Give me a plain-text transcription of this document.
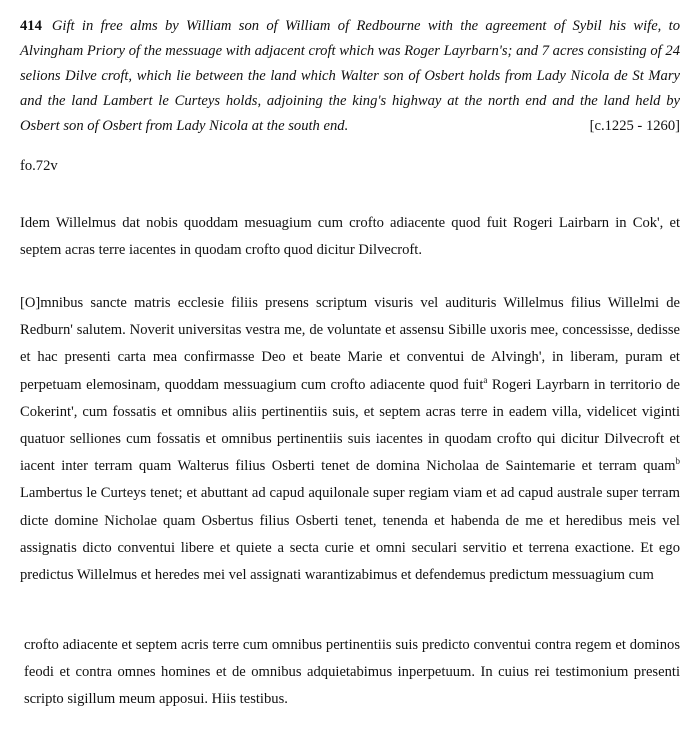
414 Gift in free alms by William son of William of Redbourne with the agreement of Sybil his wife, to Alvingham Priory of the messuage with adjacent croft which was Roger Layrbarn's; and 7 acres consisting of 24 selions Dilve croft, which lie between the land which Walter son of Osbert holds from Lady Nicola de St Mary and the land Lambert le Curteys holds, adjoining the king's highway at the north end and the land held by Osbert son of Osbert from Lady Nicola at the south end.	[c.1225 - 1260]
fo.72v
Idem Willelmus dat nobis quoddam mesuagium cum crofto adiacente quod fuit Rogeri Lairbarn in Cok', et septem acras terre iacentes in quodam crofto quod dicitur Dilvecroft.
[O]mnibus sancte matris ecclesie filiis presens scriptum visuris vel audituris Willelmus filius Willelmi de Redburn' salutem. Noverit universitas vestra me, de voluntate et assensu Sibille uxoris mee, concessisse, dedisse et hac presenti carta mea confirmasse Deo et beate Marie et conventui de Alvingh', in liberam, puram et perpetuam elemosinam, quoddam messuagium cum crofto adiacente quod fuit$^a$ Rogeri Layrbarn in territorio de Cokerint', cum fossatis et omnibus aliis pertinentiis suis, et septem acras terre in eadem villa, videlicet viginti quatuor selliones cum fossatis et omnibus pertinentiis suis iacentes in quodam crofto qui dicitur Dilvecroft et iacent inter terram quam Walterus filius Osberti tenet de domina Nicholaa de Saintemarie et terram quam$^b$ Lambertus le Curteys tenet; et abuttant ad capud aquilonale super regiam viam et ad capud australe super terram dicte domine Nicholae quam Osbertus filius Osberti tenet, tenenda et habenda de me et heredibus meis vel assignatis dicto conventui libere et quiete a secta curie et omni seculari servitio et terrena exactione. Et ego predictus Willelmus et heredes mei vel assignati warantizabimus et defendemus predictum messuagium cum
crofto adiacente et septem acris terre cum omnibus pertinentiis suis predicto conventui contra regem et dominos feodi et contra omnes homines et de omnibus adquietabimus inperpetuum. In cuius rei testimonium presenti scripto sigillum meum apposui. Hiis testibus.
